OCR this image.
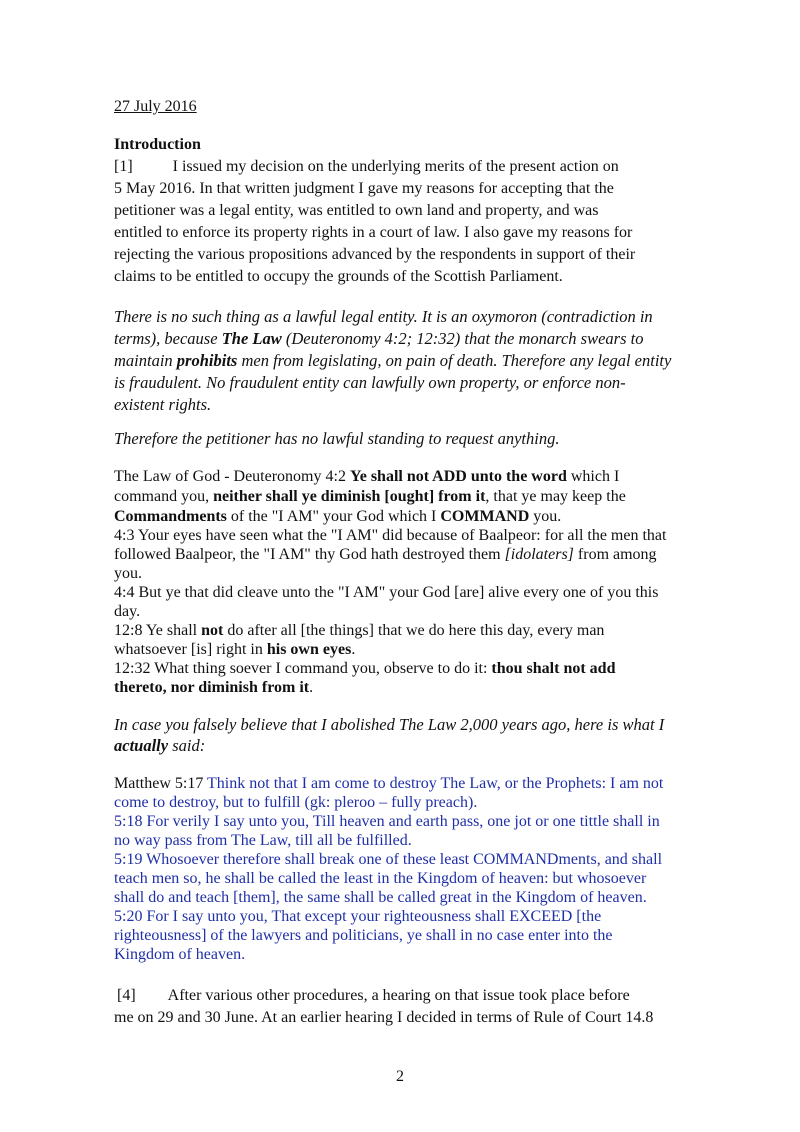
27 July 2016
Introduction
[1]	I issued my decision on the underlying merits of the present action on
5 May 2016. In that written judgment I gave my reasons for accepting that the
petitioner was a legal entity, was entitled to own land and property, and was
entitled to enforce its property rights in a court of law. I also gave my reasons for
rejecting the various propositions advanced by the respondents in support of their
claims to be entitled to occupy the grounds of the Scottish Parliament.
There is no such thing as a lawful legal entity. It is an oxymoron (contradiction in
terms), because The Law (Deuteronomy 4:2; 12:32) that the monarch swears to
maintain prohibits men from legislating, on pain of death. Therefore any legal entity
is fraudulent. No fraudulent entity can lawfully own property, or enforce non-
existent rights.
Therefore the petitioner has no lawful standing to request anything.
The Law of God - Deuteronomy 4:2 Ye shall not ADD unto the word which I
command you, neither shall ye diminish [ought] from it, that ye may keep the
Commandments of the "I AM" your God which I COMMAND you.
4:3 Your eyes have seen what the "I AM" did because of Baalpeor: for all the men that
followed Baalpeor, the "I AM" thy God hath destroyed them [idolaters] from among
you.
4:4 But ye that did cleave unto the "I AM" your God [are] alive every one of you this
day.
12:8 Ye shall not do after all [the things] that we do here this day, every man
whatsoever [is] right in his own eyes.
12:32 What thing soever I command you, observe to do it: thou shalt not add
thereto, nor diminish from it.
In case you falsely believe that I abolished The Law 2,000 years ago, here is what I
actually said:
Matthew 5:17 Think not that I am come to destroy The Law, or the Prophets: I am not
come to destroy, but to fulfill (gk: pleroo – fully preach).
5:18 For verily I say unto you, Till heaven and earth pass, one jot or one tittle shall in
no way pass from The Law, till all be fulfilled.
5:19 Whosoever therefore shall break one of these least COMMANDments, and shall
teach men so, he shall be called the least in the Kingdom of heaven: but whosoever
shall do and teach [them], the same shall be called great in the Kingdom of heaven.
5:20 For I say unto you, That except your righteousness shall EXCEED [the
righteousness] of the lawyers and politicians, ye shall in no case enter into the
Kingdom of heaven.
[4] After various other procedures, a hearing on that issue took place before
me on 29 and 30 June. At an earlier hearing I decided in terms of Rule of Court 14.8
2
